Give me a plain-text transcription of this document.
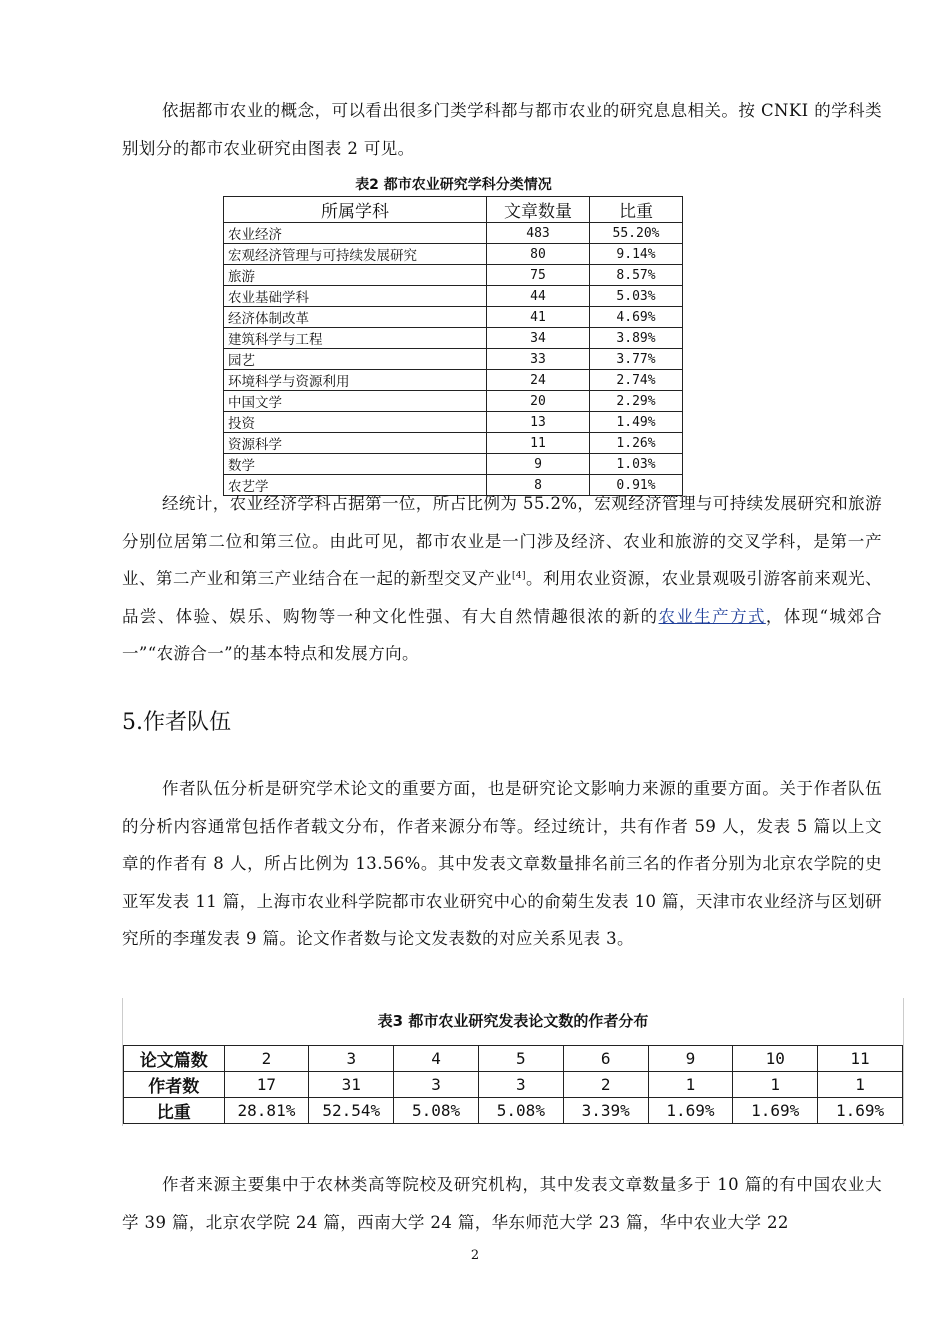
依据都市农业的概念，可以看出很多门类学科都与都市农业的研究息息相关。按 CNKI 的学科类别划分的都市农业研究由图表 2 可见。

表2 都市农业研究学科分类情况
所属学科	文章数量	比重
农业经济	483	55.20%
宏观经济管理与可持续发展研究	80	9.14%
旅游	75	8.57%
农业基础学科	44	5.03%
经济体制改革	41	4.69%
建筑科学与工程	34	3.89%
园艺	33	3.77%
环境科学与资源利用	24	2.74%
中国文学	20	2.29%
投资	13	1.49%
资源科学	11	1.26%
数学	9	1.03%
农艺学	8	0.91%

经统计，农业经济学科占据第一位，所占比例为 55.2%，宏观经济管理与可持续发展研究和旅游分别位居第二位和第三位。由此可见，都市农业是一门涉及经济、农业和旅游的交叉学科，是第一产业、第二产业和第三产业结合在一起的新型交叉产业[4]。利用农业资源，农业景观吸引游客前来观光、品尝、体验、娱乐、购物等一种文化性强、有大自然情趣很浓的新的农业生产方式，体现“城郊合一”“农游合一”的基本特点和发展方向。

5.作者队伍

作者队伍分析是研究学术论文的重要方面，也是研究论文影响力来源的重要方面。关于作者队伍的分析内容通常包括作者载文分布，作者来源分布等。经过统计，共有作者 59 人，发表 5 篇以上文章的作者有 8 人，所占比例为 13.56%。其中发表文章数量排名前三名的作者分别为北京农学院的史亚军发表 11 篇，上海市农业科学院都市农业研究中心的俞菊生发表 10 篇，天津市农业经济与区划研究所的李瑾发表 9 篇。论文作者数与论文发表数的对应关系见表 3。

表3 都市农业研究发表论文数的作者分布
论文篇数	2	3	4	5	6	9	10	11
作者数	17	31	3	3	2	1	1	1
比重	28.81%	52.54%	5.08%	5.08%	3.39%	1.69%	1.69%	1.69%

作者来源主要集中于农林类高等院校及研究机构，其中发表文章数量多于 10 篇的有中国农业大学 39 篇，北京农学院 24 篇，西南大学 24 篇，华东师范大学 23 篇，华中农业大学 22

2
